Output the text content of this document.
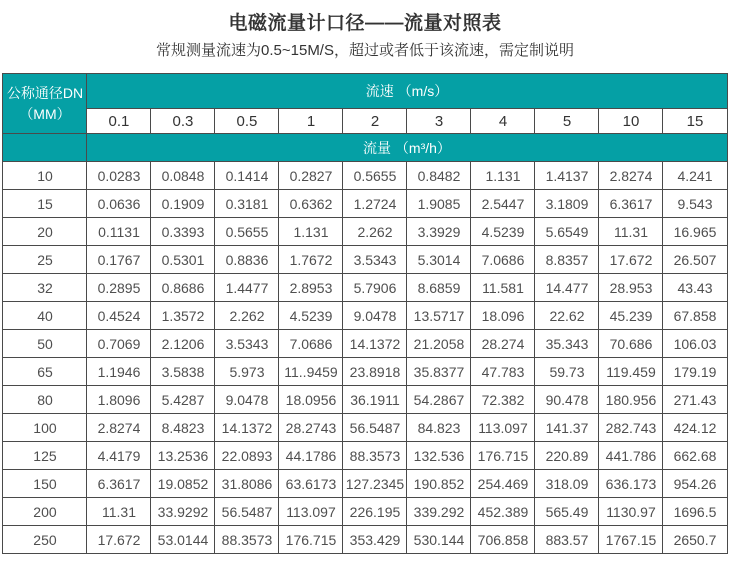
电磁流量计口径——流量对照表

常规测量流速为0.5~15M/S，超过或者低于该流速，需定制说明

公称通径DN
（MM）	流速 （m/s）									
	0.1	0.3	0.5	1	2	3	4	5	10	15
	流量 （m³/h）									
10	0.0283	0.0848	0.1414	0.2827	0.5655	0.8482	1.131	1.4137	2.8274	4.241
15	0.0636	0.1909	0.3181	0.6362	1.2724	1.9085	2.5447	3.1809	6.3617	9.543
20	0.1131	0.3393	0.5655	1.131	2.262	3.3929	4.5239	5.6549	11.31	16.965
25	0.1767	0.5301	0.8836	1.7672	3.5343	5.3014	7.0686	8.8357	17.672	26.507
32	0.2895	0.8686	1.4477	2.8953	5.7906	8.6859	11.581	14.477	28.953	43.43
40	0.4524	1.3572	2.262	4.5239	9.0478	13.5717	18.096	22.62	45.239	67.858
50	0.7069	2.1206	3.5343	7.0686	14.1372	21.2058	28.274	35.343	70.686	106.03
65	1.1946	3.5838	5.973	11..9459	23.8918	35.8377	47.783	59.73	119.459	179.19
80	1.8096	5.4287	9.0478	18.0956	36.1911	54.2867	72.382	90.478	180.956	271.43
100	2.8274	8.4823	14.1372	28.2743	56.5487	84.823	113.097	141.37	282.743	424.12
125	4.4179	13.2536	22.0893	44.1786	88.3573	132.536	176.715	220.89	441.786	662.68
150	6.3617	19.0852	31.8086	63.6173	127.2345	190.852	254.469	318.09	636.173	954.26
200	11.31	33.9292	56.5487	113.097	226.195	339.292	452.389	565.49	1130.97	1696.5
250	17.672	53.0144	88.3573	176.715	353.429	530.144	706.858	883.57	1767.15	2650.7
